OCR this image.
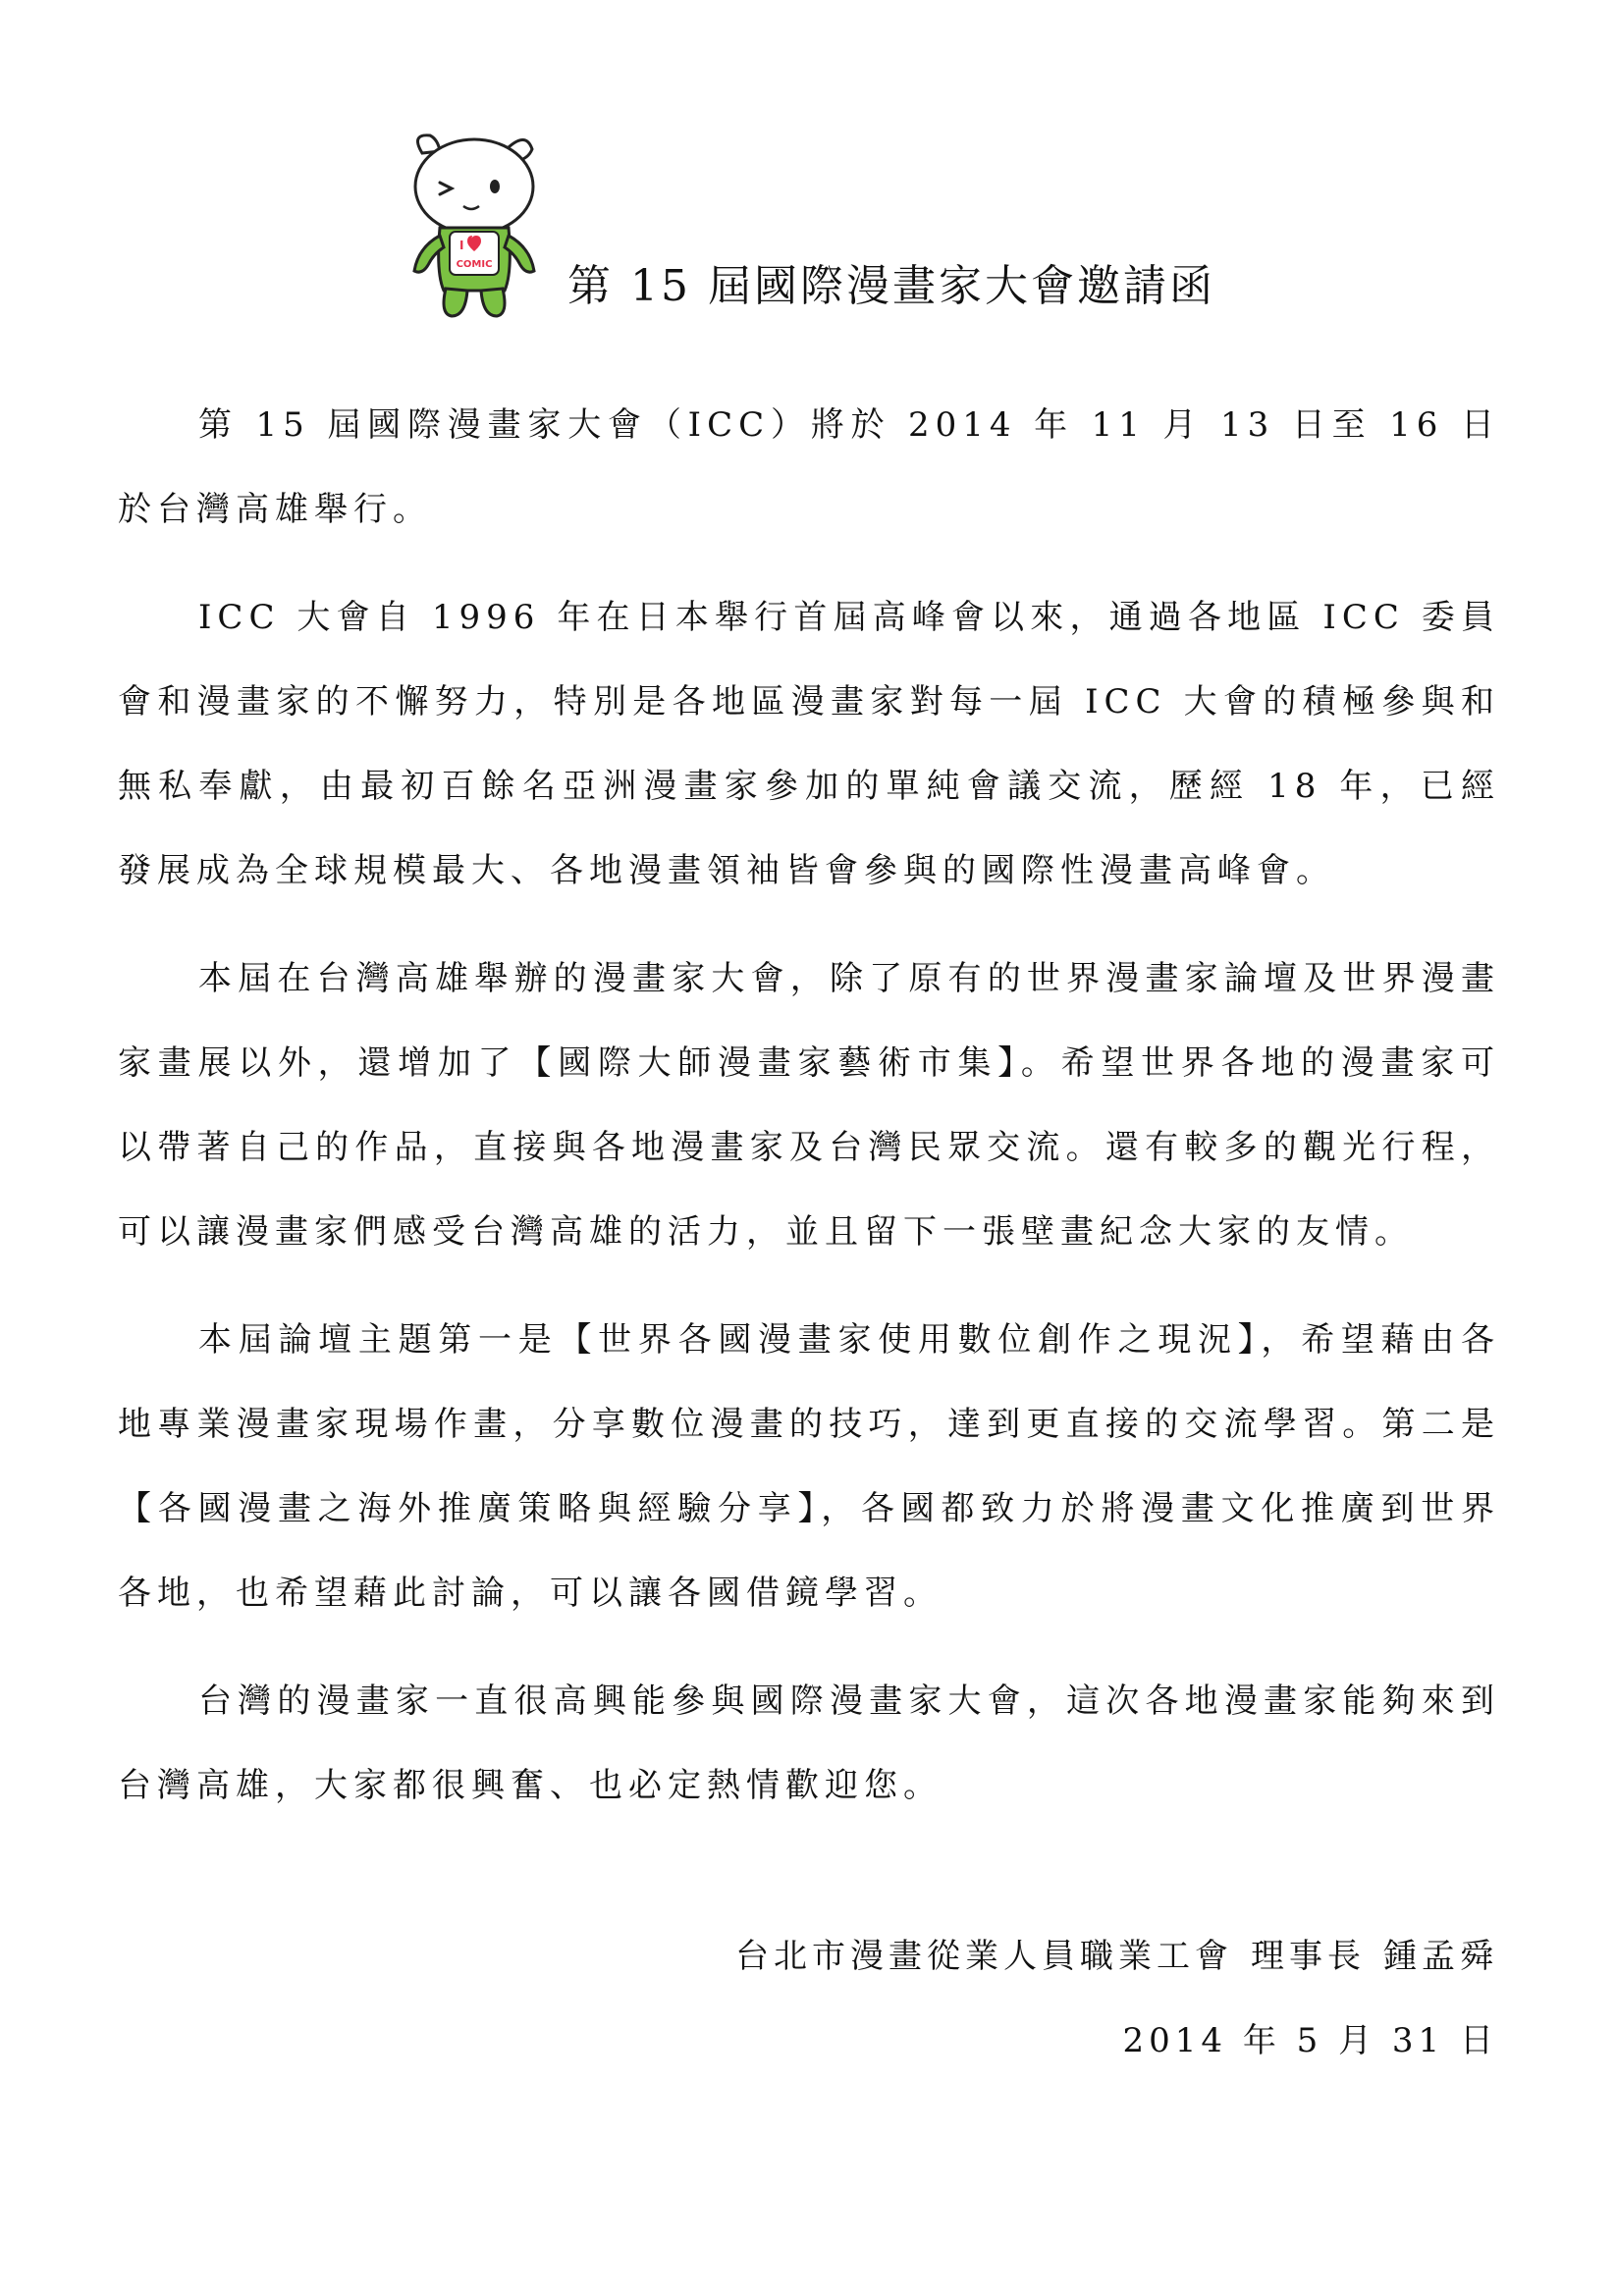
I
COMIC 第 15 屆國際漫畫家大會邀請函

第 15 屆國際漫畫家大會（ICC）將於 2014 年 11 月 13 日至 16 日於台灣高雄舉行。

ICC 大會自 1996 年在日本舉行首屆高峰會以來，通過各地區 ICC 委員會和漫畫家的不懈努力，特別是各地區漫畫家對每一屆 ICC 大會的積極參與和無私奉獻，由最初百餘名亞洲漫畫家參加的單純會議交流，歷經 18 年，已經發展成為全球規模最大、各地漫畫領袖皆會參與的國際性漫畫高峰會。

本屆在台灣高雄舉辦的漫畫家大會，除了原有的世界漫畫家論壇及世界漫畫家畫展以外，還增加了【國際大師漫畫家藝術市集】。希望世界各地的漫畫家可以帶著自己的作品，直接與各地漫畫家及台灣民眾交流。還有較多的觀光行程，可以讓漫畫家們感受台灣高雄的活力，並且留下一張壁畫紀念大家的友情。

本屆論壇主題第一是【世界各國漫畫家使用數位創作之現況】，希望藉由各地專業漫畫家現場作畫，分享數位漫畫的技巧，達到更直接的交流學習。第二是【各國漫畫之海外推廣策略與經驗分享】，各國都致力於將漫畫文化推廣到世界各地，也希望藉此討論，可以讓各國借鏡學習。

台灣的漫畫家一直很高興能參與國際漫畫家大會，這次各地漫畫家能夠來到台灣高雄，大家都很興奮、也必定熱情歡迎您。

台北市漫畫從業人員職業工會 理事長 鍾孟舜
2014 年 5 月 31 日
